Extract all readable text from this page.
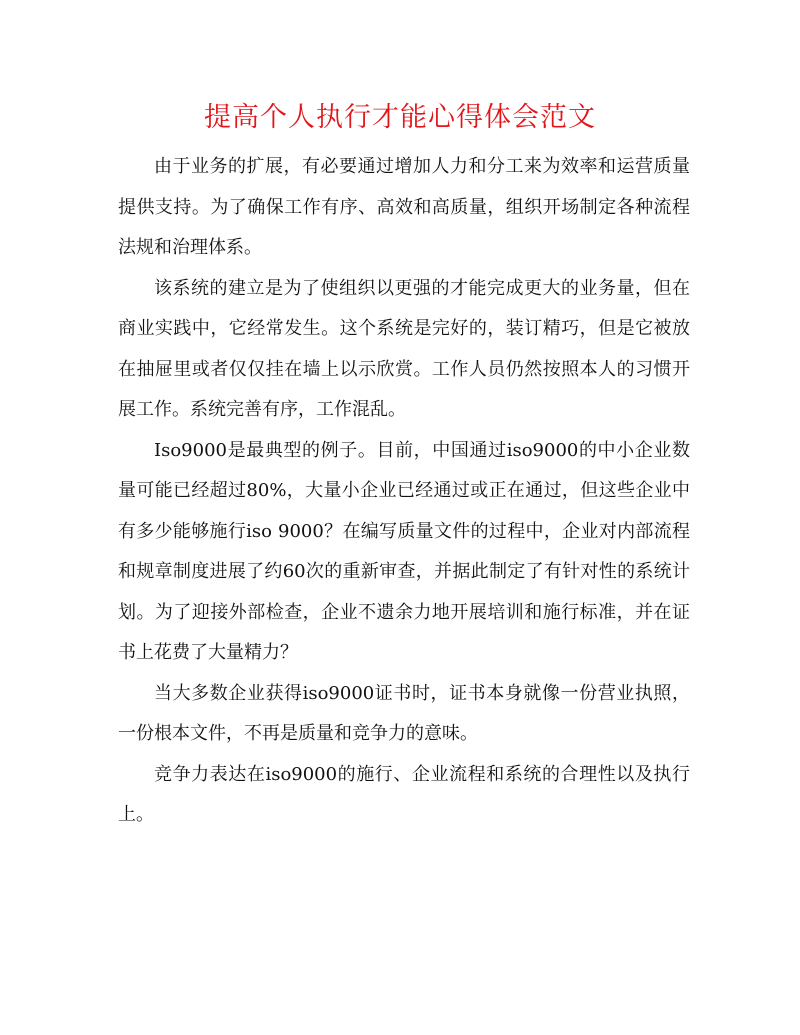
提高个人执行才能心得体会范文

由于业务的扩展，有必要通过增加人力和分工来为效率和运营质量提供支持。为了确保工作有序、高效和高质量，组织开场制定各种流程法规和治理体系。

该系统的建立是为了使组织以更强的才能完成更大的业务量，但在商业实践中，它经常发生。这个系统是完好的，装订精巧，但是它被放在抽屉里或者仅仅挂在墙上以示欣赏。工作人员仍然按照本人的习惯开展工作。系统完善有序，工作混乱。

Iso9000是最典型的例子。目前，中国通过iso9000的中小企业数量可能已经超过80%，大量小企业已经通过或正在通过，但这些企业中有多少能够施行iso 9000？在编写质量文件的过程中，企业对内部流程和规章制度进展了约60次的重新审查，并据此制定了有针对性的系统计划。为了迎接外部检查，企业不遗余力地开展培训和施行标准，并在证书上花费了大量精力？

当大多数企业获得iso9000证书时，证书本身就像一份营业执照，一份根本文件，不再是质量和竞争力的意味。

竞争力表达在iso9000的施行、企业流程和系统的合理性以及执行上。
